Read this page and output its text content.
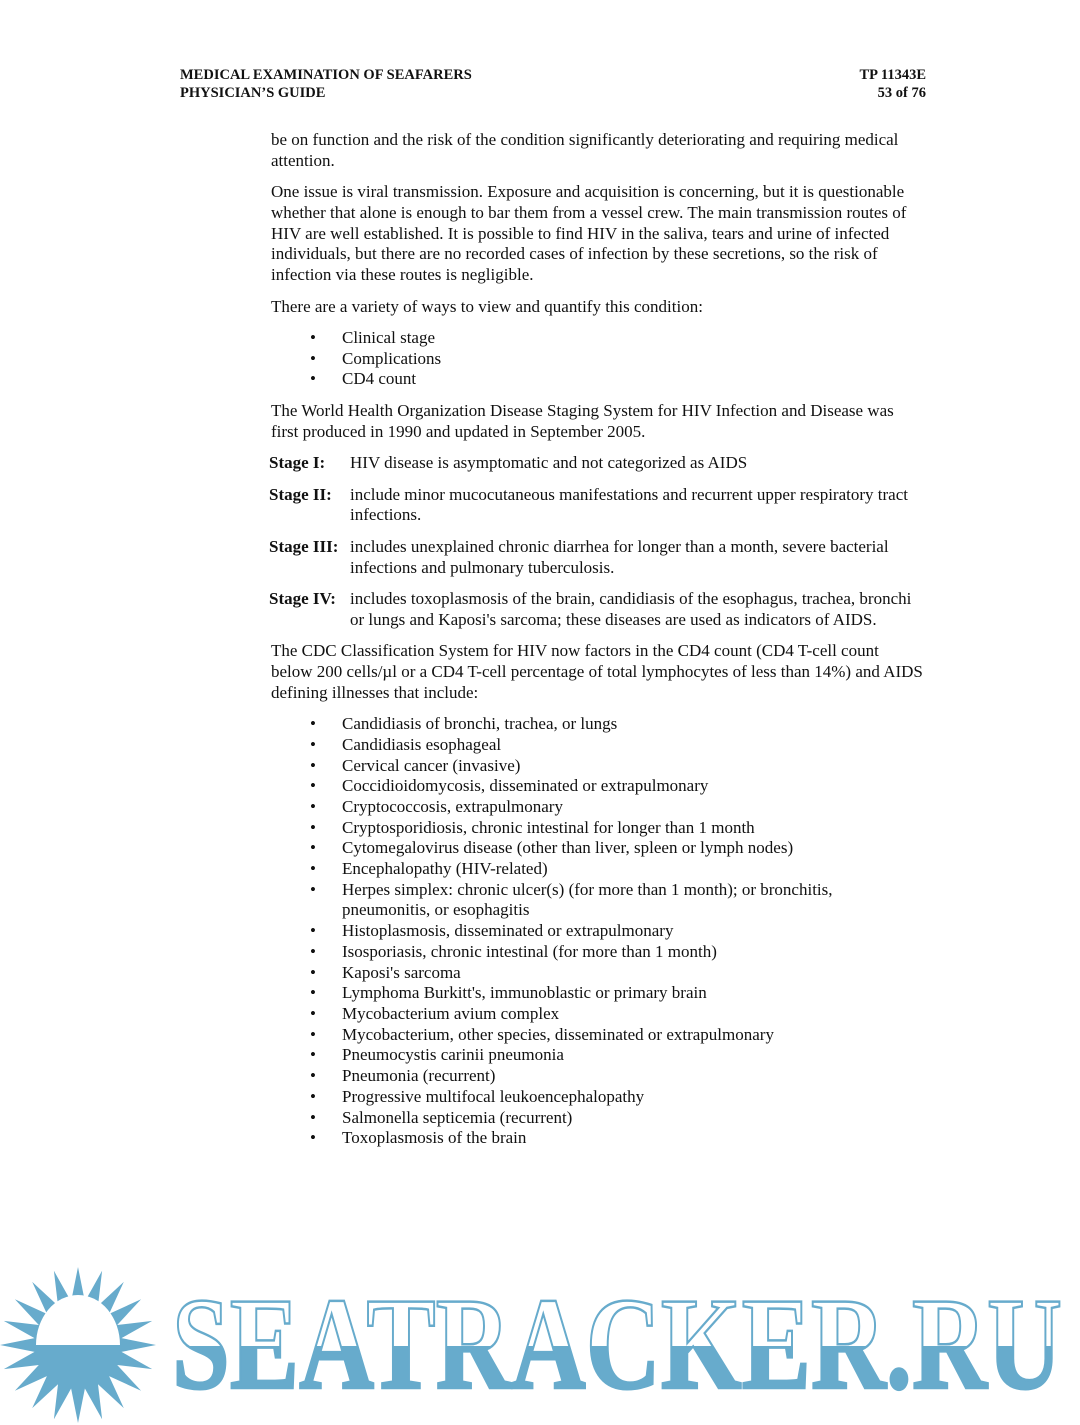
MEDICAL EXAMINATION OF SEAFARERS
PHYSICIAN’S GUIDE
TP 11343E
53 of 76

be on function and the risk of the condition significantly deteriorating and requiring medical attention.

One issue is viral transmission. Exposure and acquisition is concerning, but it is questionable whether that alone is enough to bar them from a vessel crew. The main transmission routes of HIV are well established. It is possible to find HIV in the saliva, tears and urine of infected individuals, but there are no recorded cases of infection by these secretions, so the risk of infection via these routes is negligible.

There are a variety of ways to view and quantify this condition:

• Clinical stage
• Complications
• CD4 count

The World Health Organization Disease Staging System for HIV Infection and Disease was first produced in 1990 and updated in September 2005.

Stage I:	HIV disease is asymptomatic and not categorized as AIDS
Stage II:	include minor mucocutaneous manifestations and recurrent upper respiratory tract infections.
Stage III: includes unexplained chronic diarrhea for longer than a month, severe bacterial infections and pulmonary tuberculosis.
Stage IV: includes toxoplasmosis of the brain, candidiasis of the esophagus, trachea, bronchi or lungs and Kaposi's sarcoma; these diseases are used as indicators of AIDS.

The CDC Classification System for HIV now factors in the CD4 count (CD4 T-cell count below 200 cells/µl or a CD4 T-cell percentage of total lymphocytes of less than 14%) and AIDS defining illnesses that include:

• Candidiasis of bronchi, trachea, or lungs
• Candidiasis esophageal
• Cervical cancer (invasive)
• Coccidioidomycosis, disseminated or extrapulmonary
• Cryptococcosis, extrapulmonary
• Cryptosporidiosis, chronic intestinal for longer than 1 month
• Cytomegalovirus disease (other than liver, spleen or lymph nodes)
• Encephalopathy (HIV-related)
• Herpes simplex: chronic ulcer(s) (for more than 1 month); or bronchitis, pneumonitis, or esophagitis
• Histoplasmosis, disseminated or extrapulmonary
• Isosporiasis, chronic intestinal (for more than 1 month)
• Kaposi's sarcoma
• Lymphoma Burkitt's, immunoblastic or primary brain
• Mycobacterium avium complex
• Mycobacterium, other species, disseminated or extrapulmonary
• Pneumocystis carinii pneumonia
• Pneumonia (recurrent)
• Progressive multifocal leukoencephalopathy
• Salmonella septicemia (recurrent)
• Toxoplasmosis of the brain
SEATRACKER.RU
